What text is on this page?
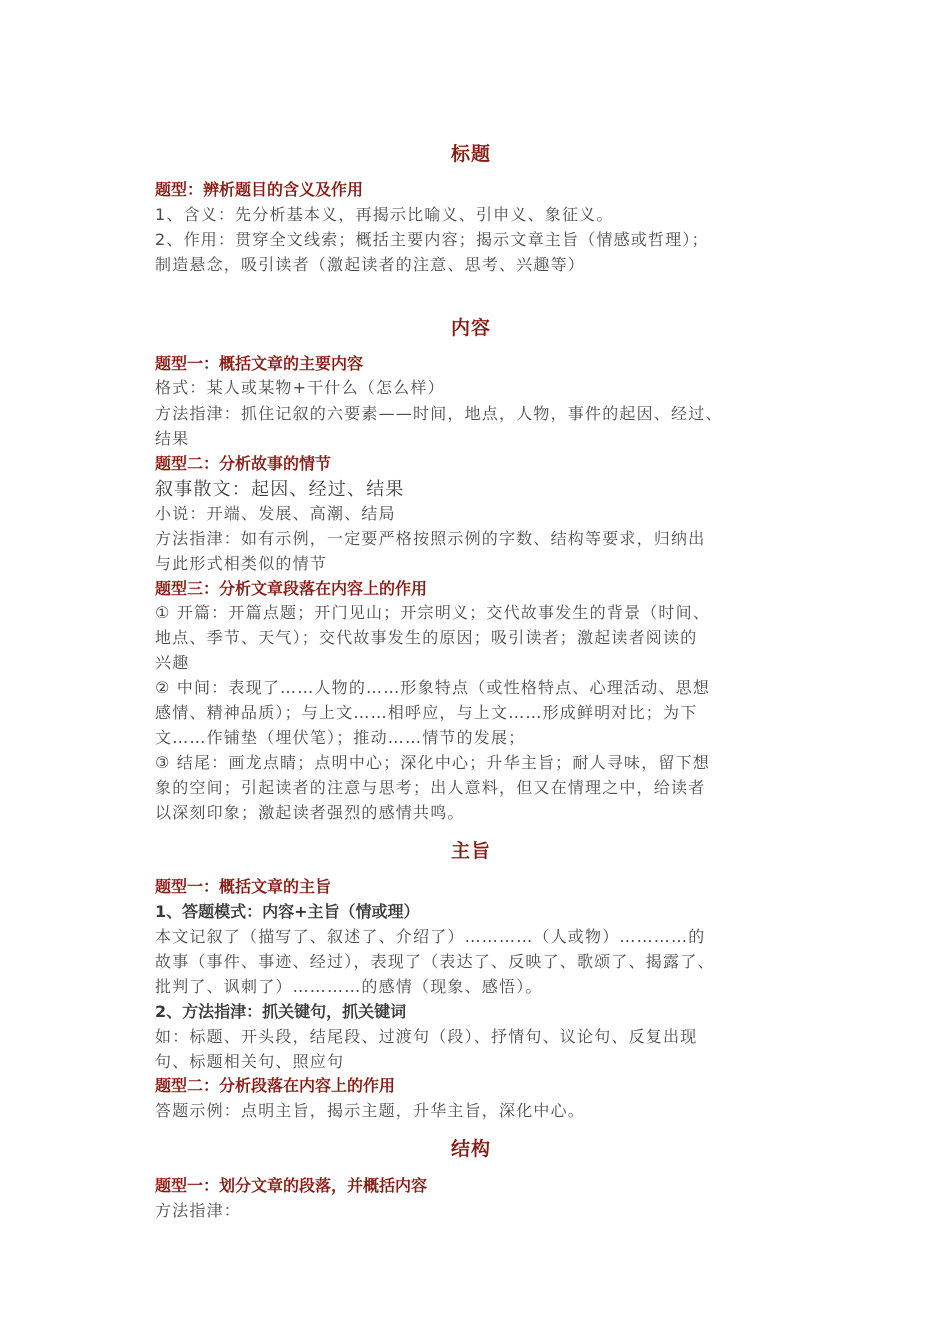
标题
题型：辨析题目的含义及作用
1、含义：先分析基本义，再揭示比喻义、引申义、象征义。
2、作用：贯穿全文线索；概括主要内容；揭示文章主旨（情感或哲理）；
制造悬念，吸引读者（激起读者的注意、思考、兴趣等）
内容
题型一：概括文章的主要内容
格式：某人或某物+干什么（怎么样）
方法指津：抓住记叙的六要素——时间，地点，人物，事件的起因、经过、
结果
题型二：分析故事的情节
叙事散文：起因、经过、结果
小说：开端、发展、高潮、结局
方法指津：如有示例，一定要严格按照示例的字数、结构等要求，归纳出
与此形式相类似的情节
题型三：分析文章段落在内容上的作用
① 开篇：开篇点题；开门见山；开宗明义；交代故事发生的背景（时间、
地点、季节、天气）；交代故事发生的原因；吸引读者；激起读者阅读的
兴趣
② 中间：表现了……人物的……形象特点（或性格特点、心理活动、思想
感情、精神品质）；与上文……相呼应，与上文……形成鲜明对比；为下
文……作铺垫（埋伏笔）；推动……情节的发展；
③ 结尾：画龙点睛；点明中心；深化中心；升华主旨；耐人寻味，留下想
象的空间；引起读者的注意与思考；出人意料，但又在情理之中，给读者
以深刻印象；激起读者强烈的感情共鸣。
主旨
题型一：概括文章的主旨
1、答题模式：内容+主旨（情或理）
本文记叙了（描写了、叙述了、介绍了）…………（人或物）…………的
故事（事件、事迹、经过），表现了（表达了、反映了、歌颂了、揭露了、
批判了、讽刺了）…………的感情（现象、感悟）。
2、方法指津：抓关键句，抓关键词
如：标题、开头段，结尾段、过渡句（段）、抒情句、议论句、反复出现
句、标题相关句、照应句
题型二：分析段落在内容上的作用
答题示例：点明主旨，揭示主题，升华主旨，深化中心。
结构
题型一：划分文章的段落，并概括内容
方法指津：
